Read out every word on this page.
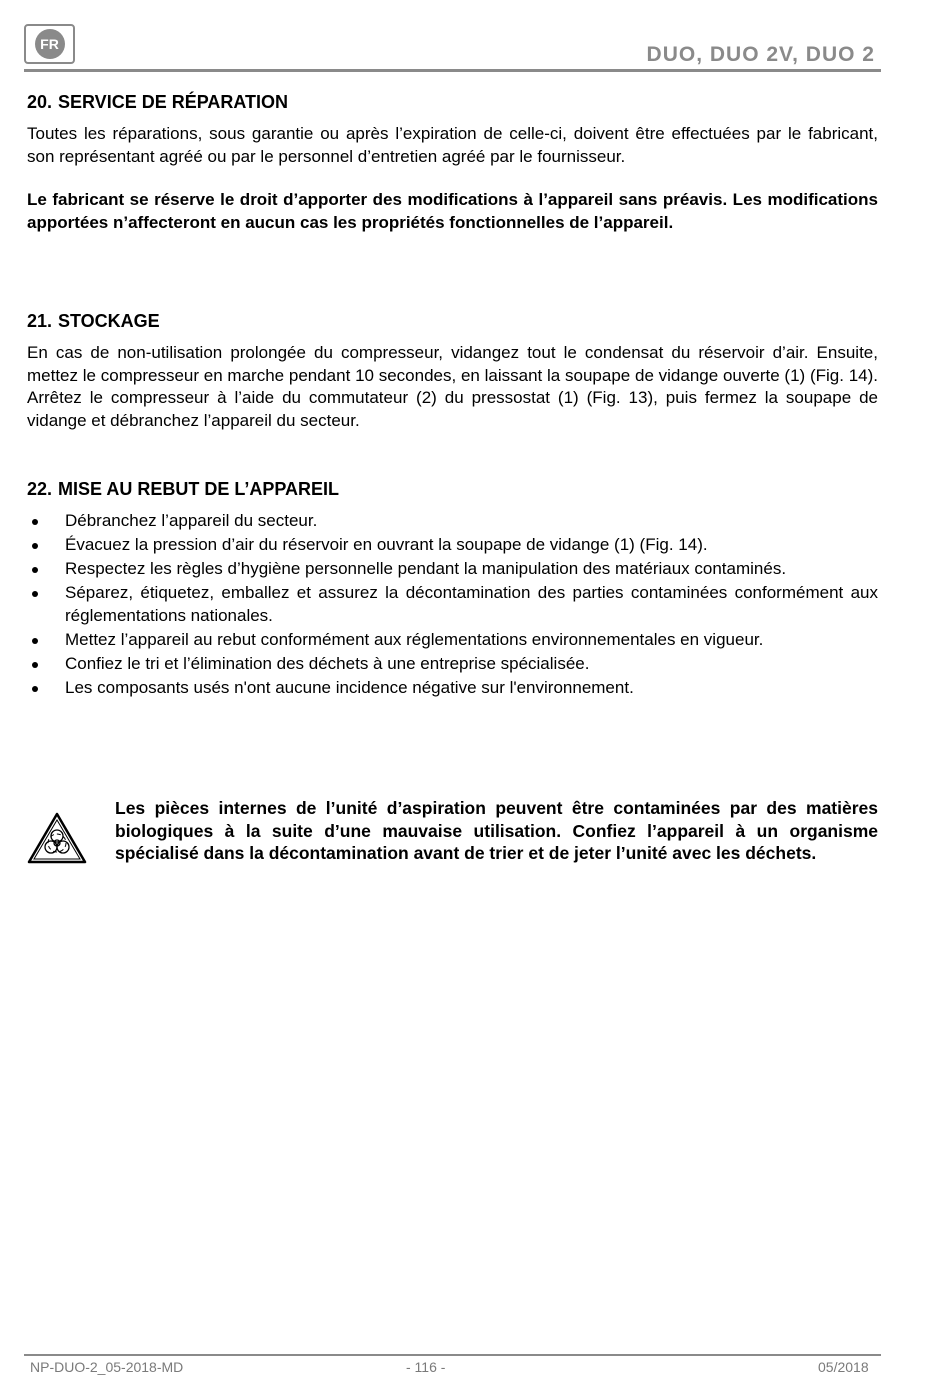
FR	DUO, DUO 2V, DUO 2
20. SERVICE DE RÉPARATION

Toutes les réparations, sous garantie ou après l’expiration de celle-ci, doivent être effectuées par le fabricant, son représentant agréé ou par le personnel d’entretien agréé par le fournisseur.

Le fabricant se réserve le droit d’apporter des modifications à l’appareil sans préavis. Les modifications apportées n’affecteront en aucun cas les propriétés fonctionnelles de l’appareil.

21. STOCKAGE

En cas de non-utilisation prolongée du compresseur, vidangez tout le condensat du réservoir d’air. Ensuite, mettez le compresseur en marche pendant 10 secondes, en laissant la soupape de vidange ouverte (1) (Fig. 14). Arrêtez le compresseur à l’aide du commutateur (2) du pressostat (1) (Fig. 13), puis fermez la soupape de vidange et débranchez l’appareil du secteur.

22. MISE AU REBUT DE L’APPAREIL
Débranchez l’appareil du secteur.
Évacuez la pression d’air du réservoir en ouvrant la soupape de vidange (1) (Fig. 14).
Respectez les règles d’hygiène personnelle pendant la manipulation des matériaux contaminés.
Séparez, étiquetez, emballez et assurez la décontamination des parties contaminées conformément aux réglementations nationales.
Mettez l’appareil au rebut conformément aux réglementations environnementales en vigueur.
Confiez le tri et l’élimination des déchets à une entreprise spécialisée.
Les composants usés n'ont aucune incidence négative sur l'environnement.
Les pièces internes de l’unité d’aspiration peuvent être contaminées par des matières biologiques à la suite d’une mauvaise utilisation. Confiez l’appareil à un organisme spécialisé dans la décontamination avant de trier et de jeter l’unité avec les déchets.
NP-DUO-2_05-2018-MD	- 116 -	05/2018
